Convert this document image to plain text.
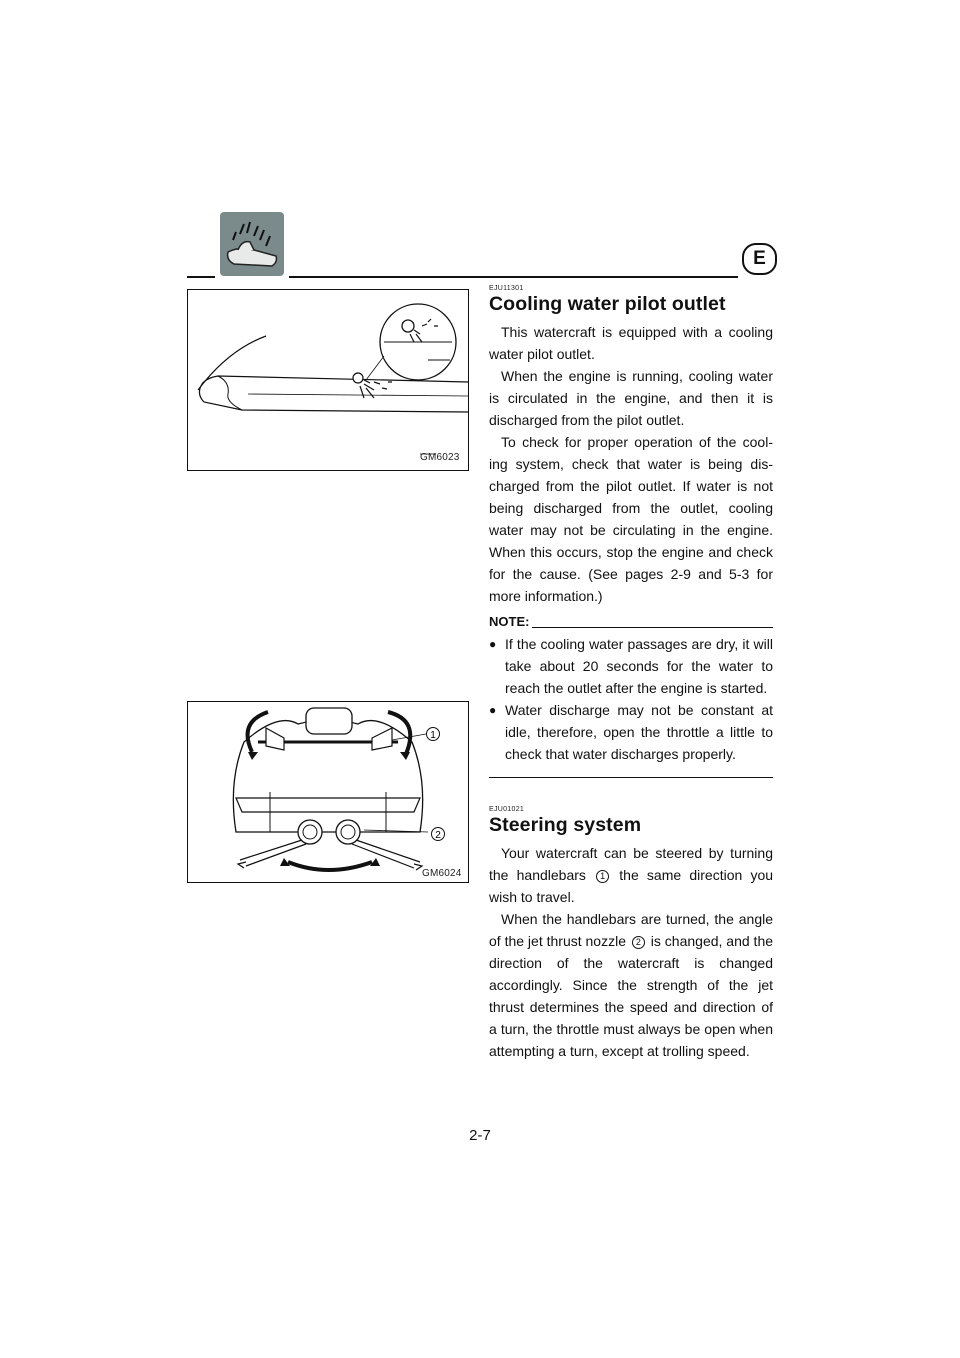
E
GM6023
1
2
GM6024
EJU11301
Cooling water pilot outlet

This watercraft is equipped with a cooling water pilot outlet.

When the engine is running, cooling water is circulated in the engine, and then it is discharged from the pilot outlet.

To check for proper operation of the cool-ing system, check that water is being dis-charged from the pilot outlet. If water is not being discharged from the outlet, cooling water may not be circulating in the engine. When this occurs, stop the engine and check for the cause. (See pages 2-9 and 5-3 for more information.)

NOTE:
● If the cooling water passages are dry, it will take about 20 seconds for the water to reach the outlet after the engine is started.
● Water discharge may not be constant at idle, therefore, open the throttle a little to check that water discharges properly.
EJU01021
Steering system

Your watercraft can be steered by turning the handlebars 1 the same direction you wish to travel.

When the handlebars are turned, the angle of the jet thrust nozzle 2 is changed, and the direction of the watercraft is changed accordingly. Since the strength of the jet thrust determines the speed and direction of a turn, the throttle must always be open when attempting a turn, except at trolling speed.

2-7
